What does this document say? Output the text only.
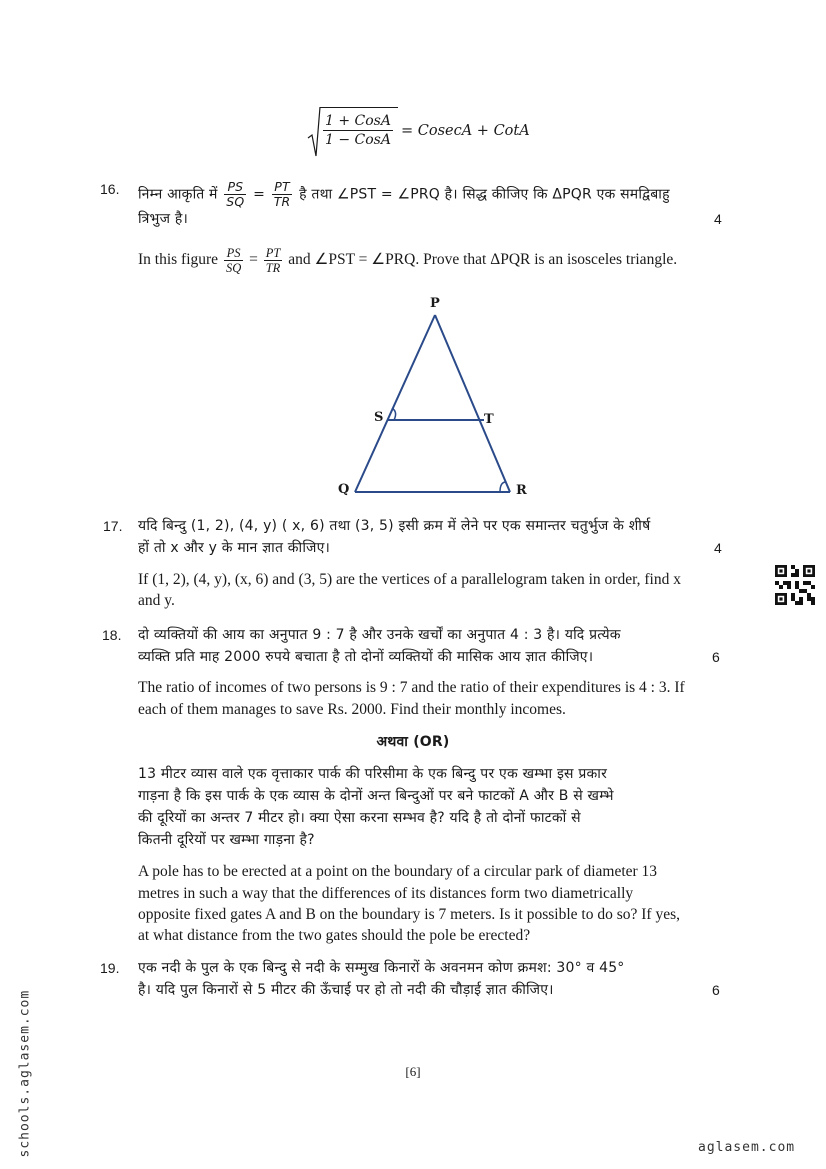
1 + CosA
1 − CosA
= CosecA + CotA
16. निम्न आकृति में $\frac{PS}{SQ} = \frac{PT}{TR}$ है तथा ∠PST = ∠PRQ है। सिद्ध कीजिए कि ΔPQR एक समद्विबाहु
त्रिभुज है।	4
In this figure $\frac{PS}{SQ} = \frac{PT}{TR}$ and ∠PST = ∠PRQ. Prove that ΔPQR is an isosceles triangle.
P
S	T
Q	R
17. यदि बिन्दु (1, 2), (4, y) ( x, 6) तथा (3, 5) इसी क्रम में लेने पर एक समान्तर चतुर्भुज के शीर्ष
हों तो x और y के मान ज्ञात कीजिए।	4
If (1, 2), (4, y), (x, 6) and (3, 5) are the vertices of a parallelogram taken in order, find x
and y.
18. दो व्यक्तियों की आय का अनुपात 9 : 7 है और उनके खर्चों का अनुपात 4 : 3 है। यदि प्रत्येक
व्यक्ति प्रति माह 2000 रुपये बचाता है तो दोनों व्यक्तियों की मासिक आय ज्ञात कीजिए।	6
The ratio of incomes of two persons is 9 : 7 and the ratio of their expenditures is 4 : 3. If
each of them manages to save Rs. 2000. Find their monthly incomes.
अथवा (OR)
13 मीटर व्यास वाले एक वृत्ताकार पार्क की परिसीमा के एक बिन्दु पर एक खम्भा इस प्रकार
गाड़ना है कि इस पार्क के एक व्यास के दोनों अन्त बिन्दुओं पर बने फाटकों A और B से खम्भे
की दूरियों का अन्तर 7 मीटर हो। क्या ऐसा करना सम्भव है? यदि है तो दोनों फाटकों से
कितनी दूरियों पर खम्भा गाड़ना है?
A pole has to be erected at a point on the boundary of a circular park of diameter 13
metres in such a way that the differences of its distances form two diametrically
opposite fixed gates A and B on the boundary is 7 meters. Is it possible to do so? If yes,
at what distance from the two gates should the pole be erected?
19. एक नदी के पुल के एक बिन्दु से नदी के सम्मुख किनारों के अवनमन कोण क्रमश: 30° व 45°
है। यदि पुल किनारों से 5 मीटर की ऊँचाई पर हो तो नदी की चौड़ाई ज्ञात कीजिए।	6
[6]
schools.aglasem.com	aglasem.com
